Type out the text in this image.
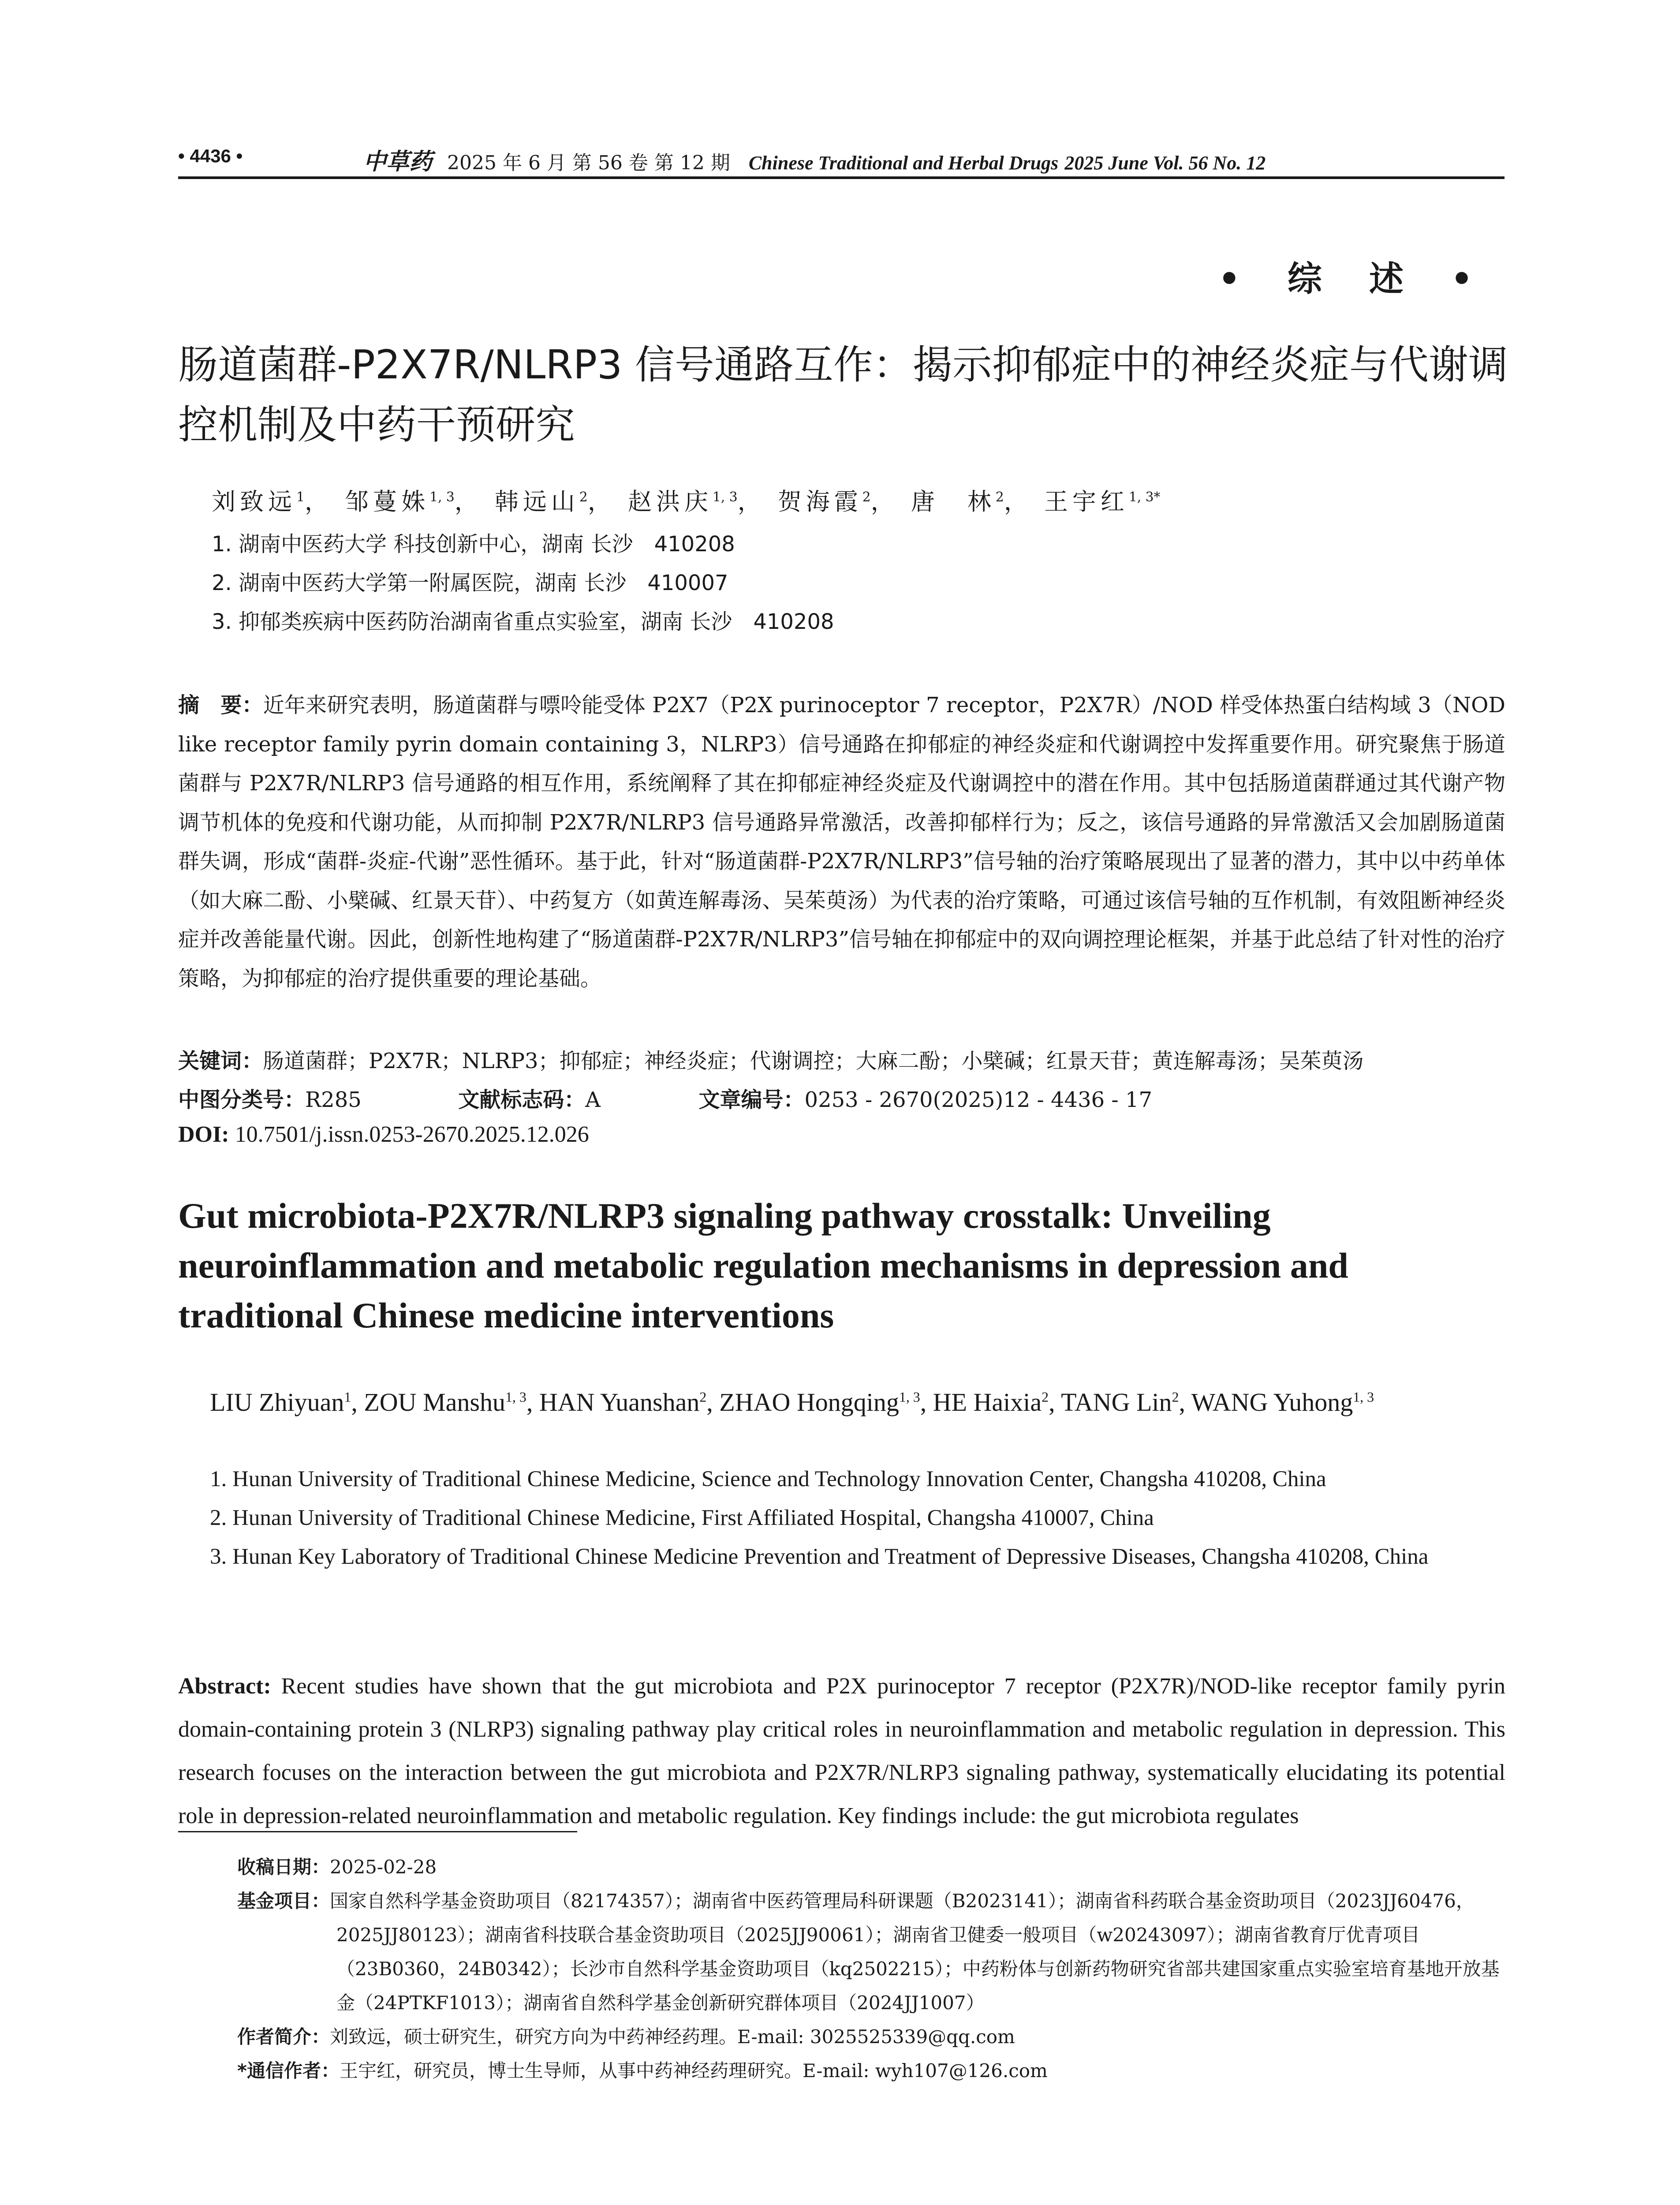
• 4436 •	中草药 2025 年 6 月 第 56 卷 第 12 期 Chinese Traditional and Herbal Drugs 2025 June Vol. 56 No. 12
• 综 述 •
肠道菌群-P2X7R/NLRP3 信号通路互作：揭示抑郁症中的神经炎症与代谢调控机制及中药干预研究
刘致远$^1$， 邹蔓姝$^{1, 3}$， 韩远山$^2$， 赵洪庆$^{1, 3}$， 贺海霞$^2$， 唐　林$^2$， 王宇红$^{1, 3*}$
1. 湖南中医药大学 科技创新中心，湖南 长沙　410208
2. 湖南中医药大学第一附属医院，湖南 长沙　410007
3. 抑郁类疾病中医药防治湖南省重点实验室，湖南 长沙　410208
摘　要：近年来研究表明，肠道菌群与嘌呤能受体 P2X7（P2X purinoceptor 7 receptor，P2X7R）/NOD 样受体热蛋白结构域 3（NOD like receptor family pyrin domain containing 3，NLRP3）信号通路在抑郁症的神经炎症和代谢调控中发挥重要作用。研究聚焦于肠道菌群与 P2X7R/NLRP3 信号通路的相互作用，系统阐释了其在抑郁症神经炎症及代谢调控中的潜在作用。其中包括肠道菌群通过其代谢产物调节机体的免疫和代谢功能，从而抑制 P2X7R/NLRP3 信号通路异常激活，改善抑郁样行为；反之，该信号通路的异常激活又会加剧肠道菌群失调，形成“菌群-炎症-代谢”恶性循环。基于此，针对“肠道菌群-P2X7R/NLRP3”信号轴的治疗策略展现出了显著的潜力，其中以中药单体（如大麻二酚、小檗碱、红景天苷）、中药复方（如黄连解毒汤、吴茱萸汤）为代表的治疗策略，可通过该信号轴的互作机制，有效阻断神经炎症并改善能量代谢。因此，创新性地构建了“肠道菌群-P2X7R/NLRP3”信号轴在抑郁症中的双向调控理论框架，并基于此总结了针对性的治疗策略，为抑郁症的治疗提供重要的理论基础。
关键词：肠道菌群；P2X7R；NLRP3；抑郁症；神经炎症；代谢调控；大麻二酚；小檗碱；红景天苷；黄连解毒汤；吴茱萸汤
中图分类号：R285	文献标志码：A	文章编号：0253 - 2670(2025)12 - 4436 - 17
DOI: 10.7501/j.issn.0253-2670.2025.12.026
Gut microbiota-P2X7R/NLRP3 signaling pathway crosstalk: Unveiling neuroinflammation and metabolic regulation mechanisms in depression and traditional Chinese medicine interventions
LIU Zhiyuan$^1$, ZOU Manshu$^{1, 3}$, HAN Yuanshan$^2$, ZHAO Hongqing$^{1, 3}$, HE Haixia$^2$, TANG Lin$^2$, WANG Yuhong$^{1, 3}$
1. Hunan University of Traditional Chinese Medicine, Science and Technology Innovation Center, Changsha 410208, China
2. Hunan University of Traditional Chinese Medicine, First Affiliated Hospital, Changsha 410007, China
3. Hunan Key Laboratory of Traditional Chinese Medicine Prevention and Treatment of Depressive Diseases, Changsha 410208, China
Abstract: Recent studies have shown that the gut microbiota and P2X purinoceptor 7 receptor (P2X7R)/NOD-like receptor family pyrin domain-containing protein 3 (NLRP3) signaling pathway play critical roles in neuroinflammation and metabolic regulation in depression. This research focuses on the interaction between the gut microbiota and P2X7R/NLRP3 signaling pathway, systematically elucidating its potential role in depression-related neuroinflammation and metabolic regulation. Key findings include: the gut microbiota regulates
收稿日期：2025-02-28
基金项目：国家自然科学基金资助项目（82174357）；湖南省中医药管理局科研课题（B2023141）；湖南省科药联合基金资助项目（2023JJ60476，2025JJ80123）；湖南省科技联合基金资助项目（2025JJ90061）；湖南省卫健委一般项目（w20243097）；湖南省教育厅优青项目（23B0360，24B0342）；长沙市自然科学基金资助项目（kq2502215）；中药粉体与创新药物研究省部共建国家重点实验室培育基地开放基金（24PTKF1013）；湖南省自然科学基金创新研究群体项目（2024JJ1007）
作者简介：刘致远，硕士研究生，研究方向为中药神经药理。E-mail: 3025525339@qq.com
*通信作者：王宇红，研究员，博士生导师，从事中药神经药理研究。E-mail: wyh107@126.com
